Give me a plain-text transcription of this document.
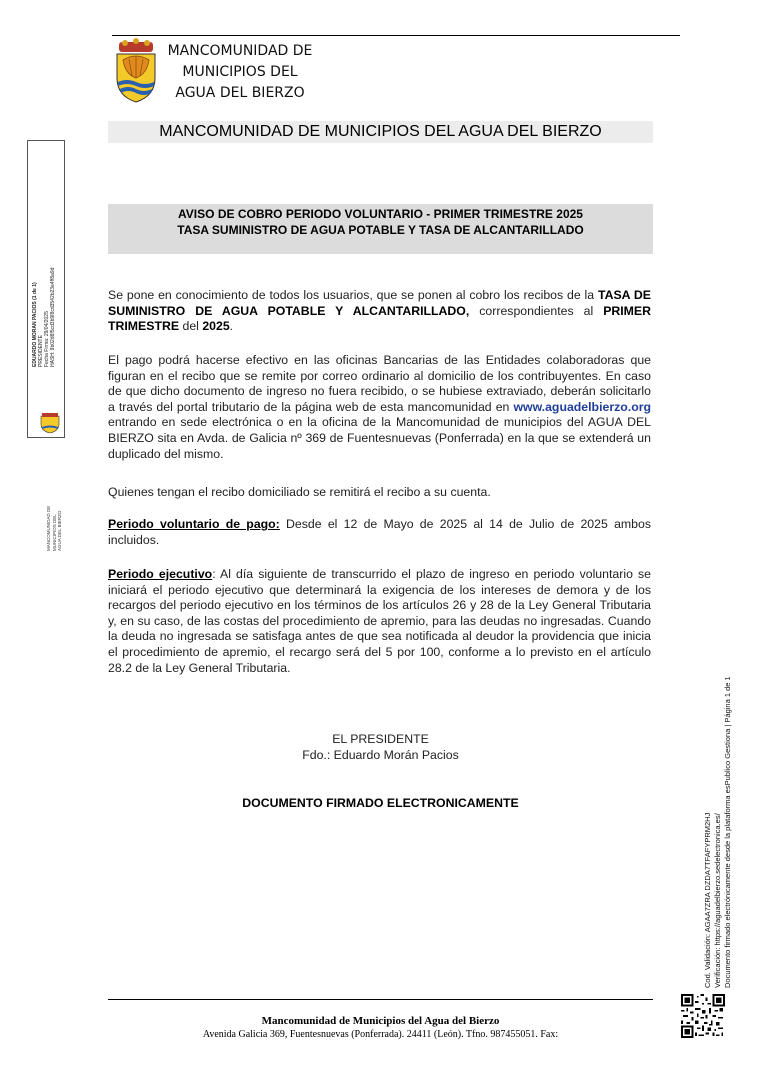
MANCOMUNIDAD DE
MUNICIPIOS DEL
AGUA DEL BIERZO
MANCOMUNIDAD DE MUNICIPIOS DEL AGUA DEL BIERZO
AVISO DE COBRO PERIODO VOLUNTARIO - PRIMER TRIMESTRE 2025
TASA SUMINISTRO DE AGUA POTABLE Y TASA DE ALCANTARILLADO
Se pone en conocimiento de todos los usuarios, que se ponen al cobro los recibos de la TASA DE SUMINISTRO DE AGUA POTABLE Y ALCANTARILLADO, correspondientes al PRIMER TRIMESTRE del 2025.
El pago podrá hacerse efectivo en las oficinas Bancarias de las Entidades colaboradoras que figuran en el recibo que se remite por correo ordinario al domicilio de los contribuyentes. En caso de que dicho documento de ingreso no fuera recibido, o se hubiese extraviado, deberán solicitarlo a través del portal tributario de la página web de esta mancomunidad en www.aguadelbierzo.org entrando en sede electrónica o en la oficina de la Mancomunidad de municipios del AGUA DEL BIERZO sita en Avda. de Galicia nº 369 de Fuentesnuevas (Ponferrada) en la que se extenderá un duplicado del mismo.
Quienes tengan el recibo domiciliado se remitirá el recibo a su cuenta.
Periodo voluntario de pago: Desde el 12 de Mayo de 2025 al 14 de Julio de 2025 ambos incluidos.
Periodo ejecutivo: Al día siguiente de transcurrido el plazo de ingreso en periodo voluntario se iniciará el periodo ejecutivo que determinará la exigencia de los intereses de demora y de los recargos del periodo ejecutivo en los términos de los artículos 26 y 28 de la Ley General Tributaria y, en su caso, de las costas del procedimiento de apremio, para las deudas no ingresadas. Cuando la deuda no ingresada se satisfaga antes de que sea notificada al deudor la providencia que inicia el procedimiento de apremio, el recargo será del 5 por 100, conforme a lo previsto en el artículo 28.2 de la Ley General Tributaria.
EL PRESIDENTE
Fdo.: Eduardo Morán Pacios
DOCUMENTO FIRMADO ELECTRONICAMENTE
Mancomunidad de Municipios del Agua del Bierzo
Avenida Galicia 369, Fuentesnuevas (Ponferrada). 24411 (León). Tfno. 987455051. Fax:
EDUARDO MORAN PACIOS (1 de 1) PRESIDENTE Fecha Firma: 29/04/2025 HASH: 9b02d8f5cd3b9f8cd3542b23e4ff8a9d
MANCOMUNIDAD DE MUNICIPIOS DEL AGUA DEL BIERZO
Cod. Validación: AGAA7ZRA DZDA7TFAFYPRM2HJ Verificación: https://aguadelbierzo.sedelectronica.es/ Documento firmado electrónicamente desde la plataforma esPublico Gestiona | Página 1 de 1
